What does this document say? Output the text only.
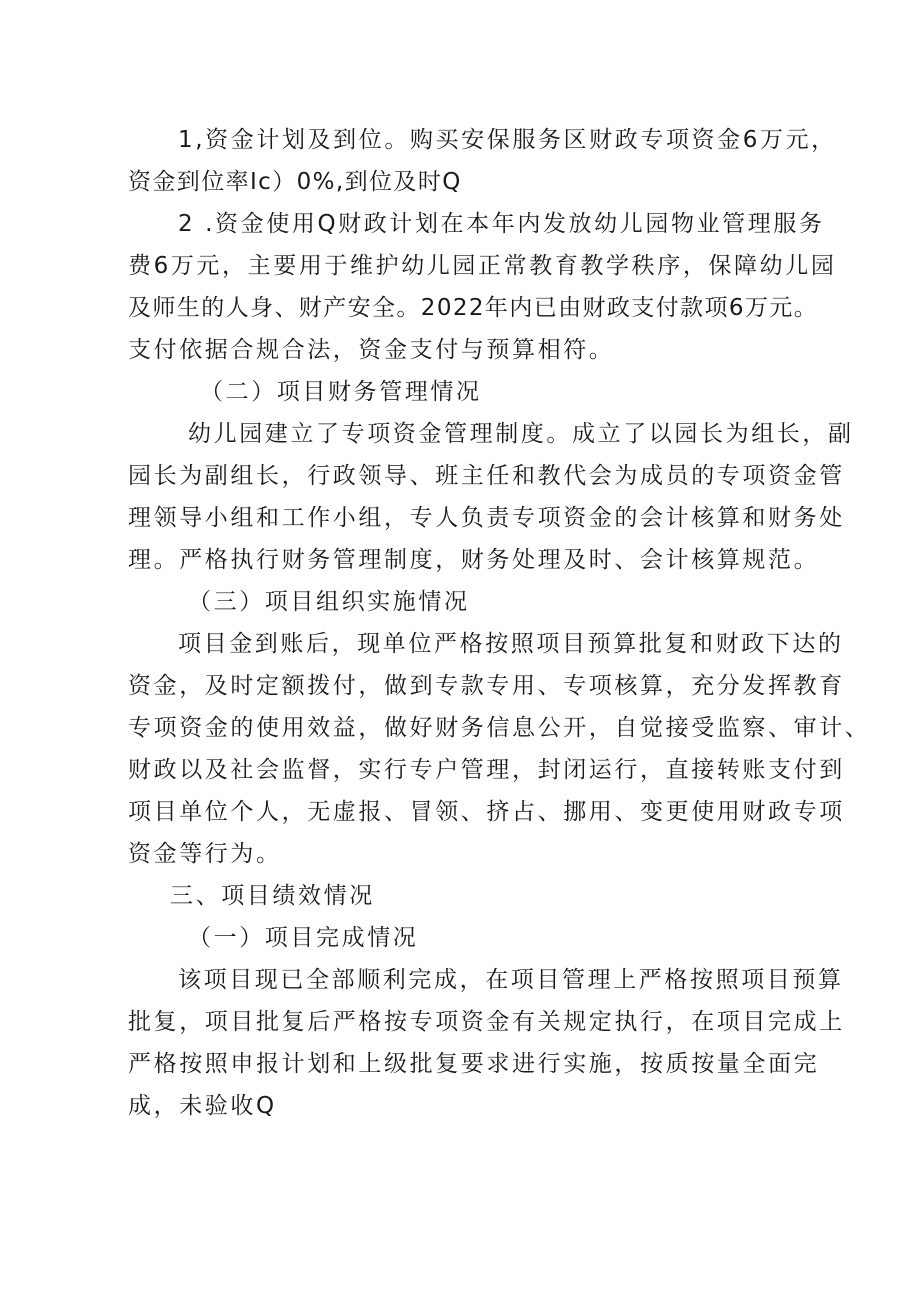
1,资金计划及到位。购买安保服务区财政专项资金6万元，
资金到位率Ic）0%,到位及时Q
2 .资金使用Q财政计划在本年内发放幼儿园物业管理服务
费6万元，主要用于维护幼儿园正常教育教学秩序，保障幼儿园
及师生的人身、财产安全。2022年内已由财政支付款项6万元。
支付依据合规合法，资金支付与预算相符。
（二）项目财务管理情况
幼儿园建立了专项资金管理制度。成立了以园长为组长，副
园长为副组长，行政领导、班主任和教代会为成员的专项资金管
理领导小组和工作小组，专人负责专项资金的会计核算和财务处
理。严格执行财务管理制度，财务处理及时、会计核算规范。
（三）项目组织实施情况
项目金到账后，现单位严格按照项目预算批复和财政下达的
资金，及时定额拨付，做到专款专用、专项核算，充分发挥教育
专项资金的使用效益，做好财务信息公开，自觉接受监察、审计、
财政以及社会监督，实行专户管理，封闭运行，直接转账支付到
项目单位个人，无虚报、冒领、挤占、挪用、变更使用财政专项
资金等行为。
三、项目绩效情况
（一）项目完成情况
该项目现已全部顺利完成，在项目管理上严格按照项目预算
批复，项目批复后严格按专项资金有关规定执行，在项目完成上
严格按照申报计划和上级批复要求进行实施，按质按量全面完
成，未验收Q
